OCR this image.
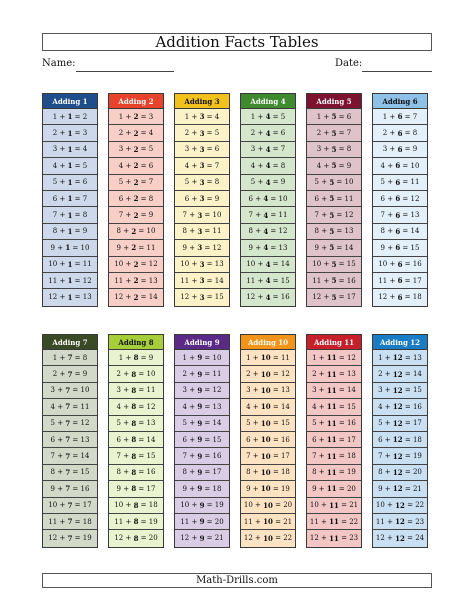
Addition Facts Tables
Name:	Date:
Adding 1
1 + 1 = 2
2 + 1 = 3
3 + 1 = 4
4 + 1 = 5
5 + 1 = 6
6 + 1 = 7
7 + 1 = 8
8 + 1 = 9
9 + 1 = 10
10 + 1 = 11
11 + 1 = 12
12 + 1 = 13
Adding 2
1 + 2 = 3
2 + 2 = 4
3 + 2 = 5
4 + 2 = 6
5 + 2 = 7
6 + 2 = 8
7 + 2 = 9
8 + 2 = 10
9 + 2 = 11
10 + 2 = 12
11 + 2 = 13
12 + 2 = 14
Adding 3
1 + 3 = 4
2 + 3 = 5
3 + 3 = 6
4 + 3 = 7
5 + 3 = 8
6 + 3 = 9
7 + 3 = 10
8 + 3 = 11
9 + 3 = 12
10 + 3 = 13
11 + 3 = 14
12 + 3 = 15
Adding 4
1 + 4 = 5
2 + 4 = 6
3 + 4 = 7
4 + 4 = 8
5 + 4 = 9
6 + 4 = 10
7 + 4 = 11
8 + 4 = 12
9 + 4 = 13
10 + 4 = 14
11 + 4 = 15
12 + 4 = 16
Adding 5
1 + 5 = 6
2 + 5 = 7
3 + 5 = 8
4 + 5 = 9
5 + 5 = 10
6 + 5 = 11
7 + 5 = 12
8 + 5 = 13
9 + 5 = 14
10 + 5 = 15
11 + 5 = 16
12 + 5 = 17
Adding 6
1 + 6 = 7
2 + 6 = 8
3 + 6 = 9
4 + 6 = 10
5 + 6 = 11
6 + 6 = 12
7 + 6 = 13
8 + 6 = 14
9 + 6 = 15
10 + 6 = 16
11 + 6 = 17
12 + 6 = 18
Adding 7
1 + 7 = 8
2 + 7 = 9
3 + 7 = 10
4 + 7 = 11
5 + 7 = 12
6 + 7 = 13
7 + 7 = 14
8 + 7 = 15
9 + 7 = 16
10 + 7 = 17
11 + 7 = 18
12 + 7 = 19
Adding 8
1 + 8 = 9
2 + 8 = 10
3 + 8 = 11
4 + 8 = 12
5 + 8 = 13
6 + 8 = 14
7 + 8 = 15
8 + 8 = 16
9 + 8 = 17
10 + 8 = 18
11 + 8 = 19
12 + 8 = 20
Adding 9
1 + 9 = 10
2 + 9 = 11
3 + 9 = 12
4 + 9 = 13
5 + 9 = 14
6 + 9 = 15
7 + 9 = 16
8 + 9 = 17
9 + 9 = 18
10 + 9 = 19
11 + 9 = 20
12 + 9 = 21
Adding 10
1 + 10 = 11
2 + 10 = 12
3 + 10 = 13
4 + 10 = 14
5 + 10 = 15
6 + 10 = 16
7 + 10 = 17
8 + 10 = 18
9 + 10 = 19
10 + 10 = 20
11 + 10 = 21
12 + 10 = 22
Adding 11
1 + 11 = 12
2 + 11 = 13
3 + 11 = 14
4 + 11 = 15
5 + 11 = 16
6 + 11 = 17
7 + 11 = 18
8 + 11 = 19
9 + 11 = 20
10 + 11 = 21
11 + 11 = 22
12 + 11 = 23
Adding 12
1 + 12 = 13
2 + 12 = 14
3 + 12 = 15
4 + 12 = 16
5 + 12 = 17
6 + 12 = 18
7 + 12 = 19
8 + 12 = 20
9 + 12 = 21
10 + 12 = 22
11 + 12 = 23
12 + 12 = 24
Math-Drills.com
